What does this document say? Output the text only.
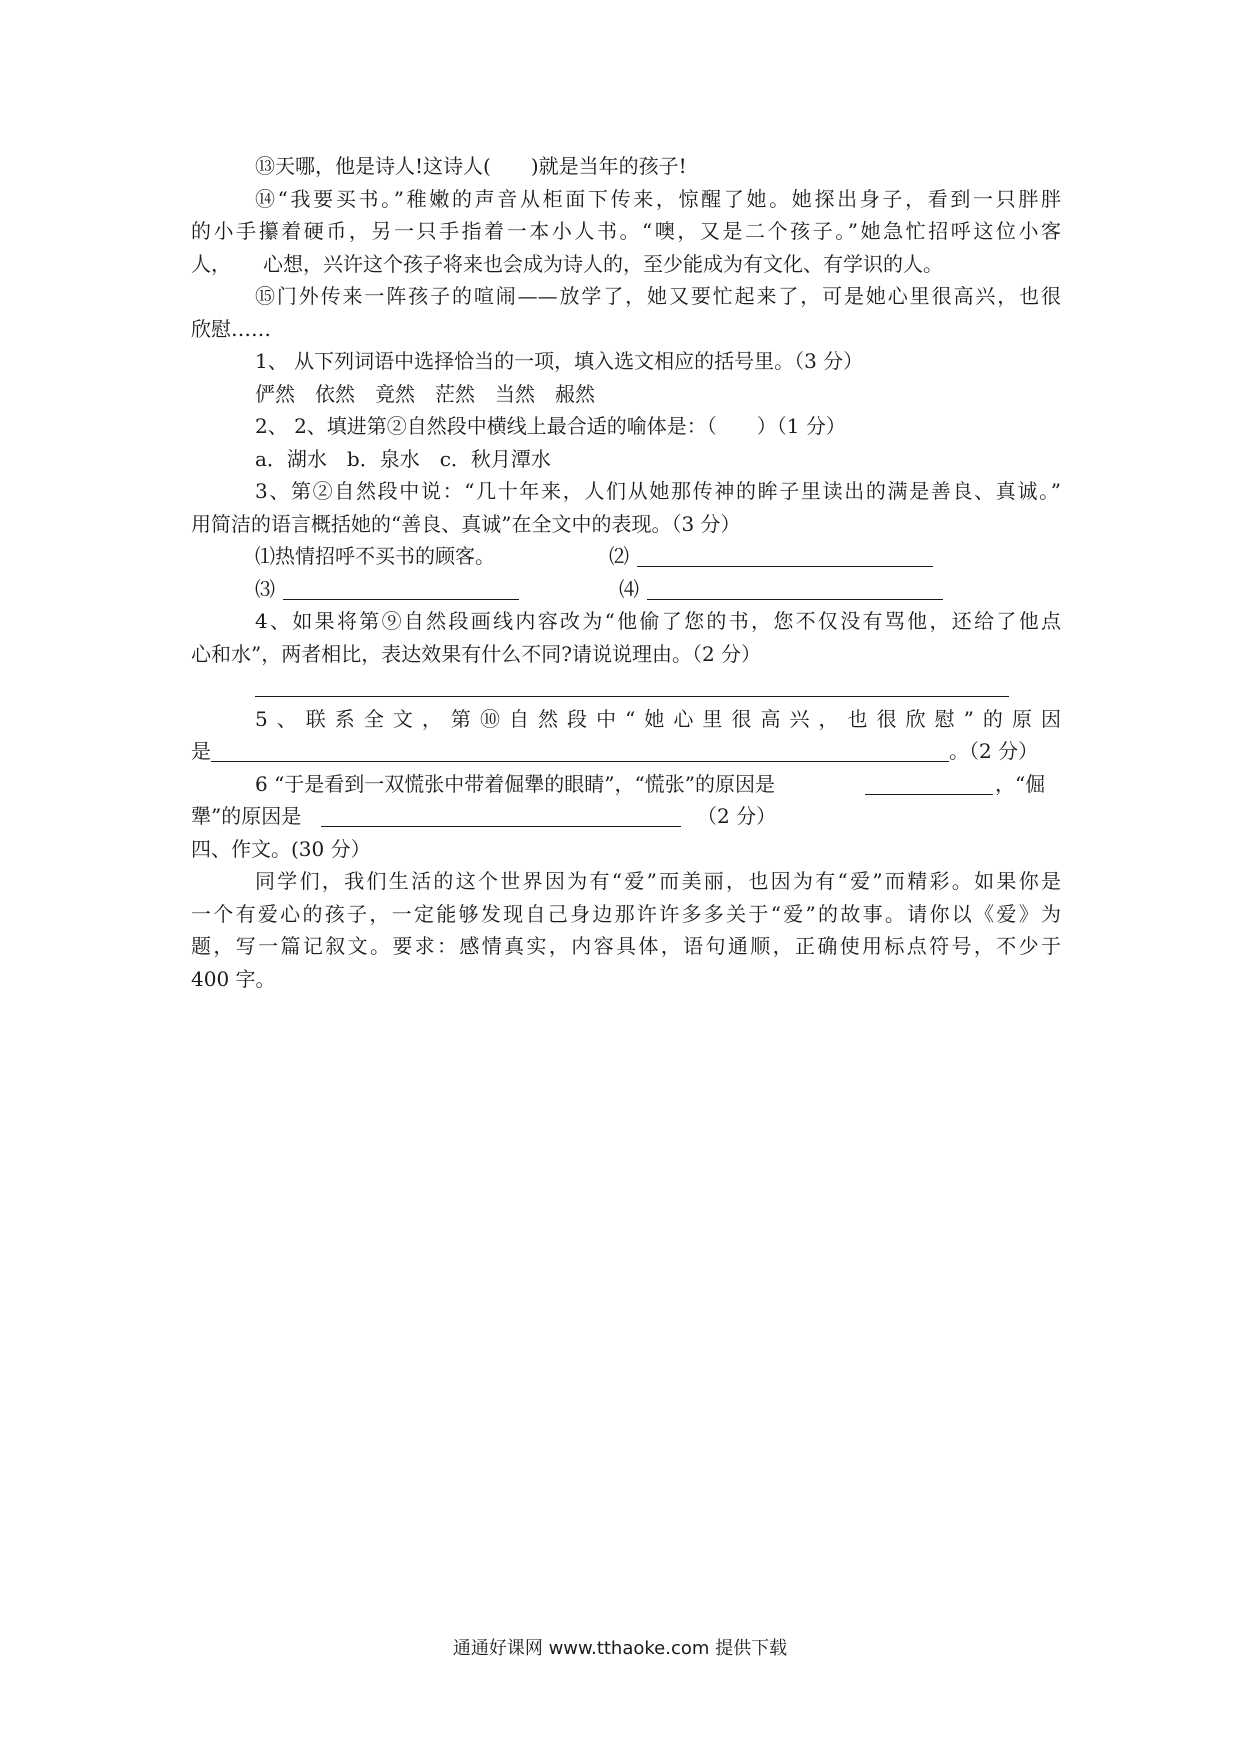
⑬天哪，他是诗人!这诗人(　　)就是当年的孩子!
⑭“我要买书。”稚嫩的声音从柜面下传来，惊醒了她。她探出身子，看到一只胖胖
的小手攥着硬币，另一只手指着一本小人书。“噢，又是二个孩子。”她急忙招呼这位小客
人， 心想，兴许这个孩子将来也会成为诗人的，至少能成为有文化、有学识的人。
⑮门外传来一阵孩子的喧闹——放学了，她又要忙起来了，可是她心里很高兴，也很
欣慰……
1、 从下列词语中选择恰当的一项，填入选文相应的括号里。（3 分）
俨然　依然　竟然　茫然　当然　赧然
2、 2、填进第②自然段中横线上最合适的喻体是：（　　）（1 分）
a．湖水　b．泉水　c．秋月潭水
3、第②自然段中说：“几十年来，人们从她那传神的眸子里读出的满是善良、真诚。”
用简洁的语言概括她的“善良、真诚”在全文中的表现。（3 分）
⑴热情招呼不买书的顾客。	⑵
⑶	⑷
4、如果将第⑨自然段画线内容改为“他偷了您的书，您不仅没有骂他，还给了他点
心和水”，两者相比，表达效果有什么不同?请说说理由。（2 分）
5、联系全文，第⑩自然段中“她心里很高兴，也很欣慰”的原因
是	。（2 分）
6 “于是看到一双慌张中带着倔犟的眼睛”，“慌张”的原因是	，“倔
犟”的原因是	（2 分）
四、作文。(30 分）
同学们，我们生活的这个世界因为有“爱”而美丽，也因为有“爱”而精彩。如果你是
一个有爱心的孩子，一定能够发现自己身边那许许多多关于“爱”的故事。请你以《爱》为
题，写一篇记叙文。要求：感情真实，内容具体，语句通顺，正确使用标点符号，不少于
400 字。
通通好课网 www.tthaoke.com 提供下载
